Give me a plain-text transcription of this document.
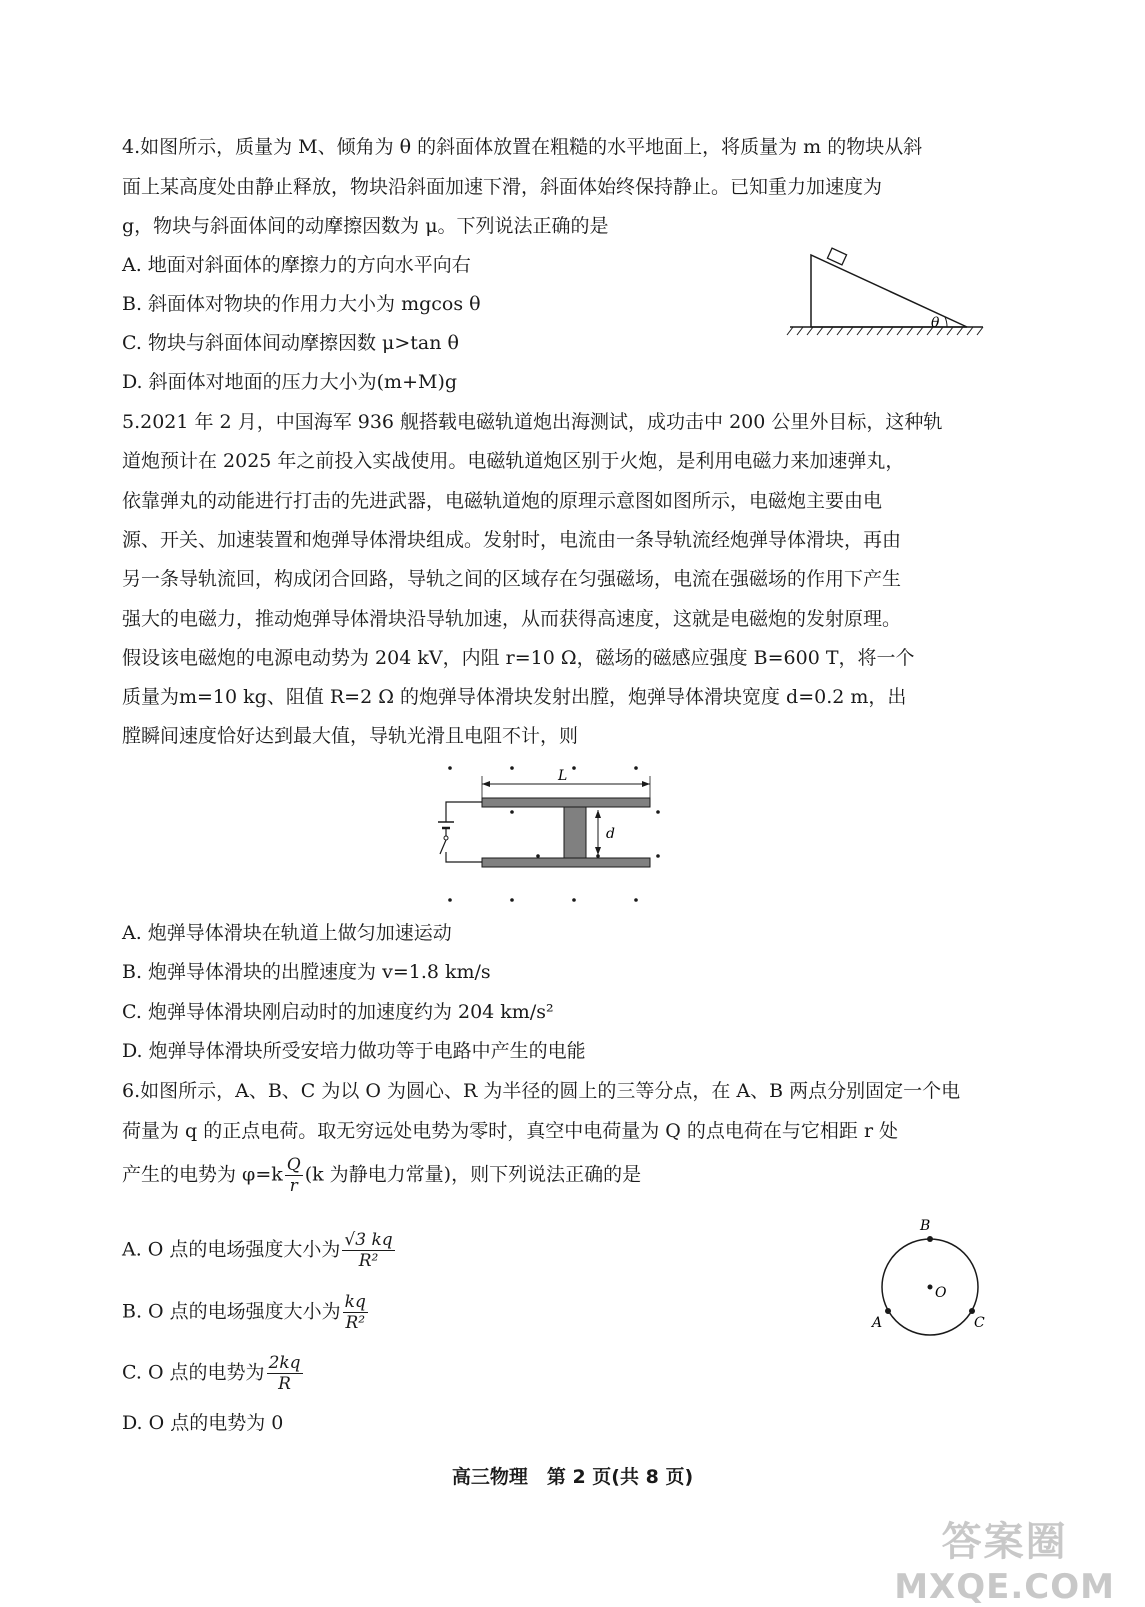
4.如图所示，质量为 M、倾角为 θ 的斜面体放置在粗糙的水平地面上，将质量为 m 的物块从斜
面上某高度处由静止释放，物块沿斜面加速下滑，斜面体始终保持静止。已知重力加速度为
g，物块与斜面体间的动摩擦因数为 μ。下列说法正确的是
A. 地面对斜面体的摩擦力的方向水平向右
B. 斜面体对物块的作用力大小为 mgcos θ
C. 物块与斜面体间动摩擦因数 μ>tan θ
D. 斜面体对地面的压力大小为(m+M)g
θ
5.2021 年 2 月，中国海军 936 舰搭载电磁轨道炮出海测试，成功击中 200 公里外目标，这种轨
道炮预计在 2025 年之前投入实战使用。电磁轨道炮区别于火炮，是利用电磁力来加速弹丸，
依靠弹丸的动能进行打击的先进武器，电磁轨道炮的原理示意图如图所示，电磁炮主要由电
源、开关、加速装置和炮弹导体滑块组成。发射时，电流由一条导轨流经炮弹导体滑块，再由
另一条导轨流回，构成闭合回路，导轨之间的区域存在匀强磁场，电流在强磁场的作用下产生
强大的电磁力，推动炮弹导体滑块沿导轨加速，从而获得高速度，这就是电磁炮的发射原理。
假设该电磁炮的电源电动势为 204 kV，内阻 r=10 Ω，磁场的磁感应强度 B=600 T，将一个
质量为m=10 kg、阻值 R=2 Ω 的炮弹导体滑块发射出膛，炮弹导体滑块宽度 d=0.2 m，出
膛瞬间速度恰好达到最大值，导轨光滑且电阻不计，则
L
d
A. 炮弹导体滑块在轨道上做匀加速运动
B. 炮弹导体滑块的出膛速度为 v=1.8 km/s
C. 炮弹导体滑块刚启动时的加速度约为 204 km/s²
D. 炮弹导体滑块所受安培力做功等于电路中产生的电能
6.如图所示，A、B、C 为以 O 为圆心、R 为半径的圆上的三等分点，在 A、B 两点分别固定一个电
荷量为 q 的正点电荷。取无穷远处电势为零时，真空中电荷量为 Q 的点电荷在与它相距 r 处
产生的电势为 $\varphi=k \frac{Q}{r} (k$ 为静电力常量)，则下列说法正确的是
A. O 点的电场强度大小为 $\frac{√3 kq}{\text{R²}}$
B. O 点的电场强度大小为 $\frac{kq}{\text{R²}}$
C. O 点的电势为 $\frac{2kq}{R}$
D. O 点的电势为 0
B
A	C
O
高三物理　第 2 页(共 8 页)
答案圈
MXQE.COM
